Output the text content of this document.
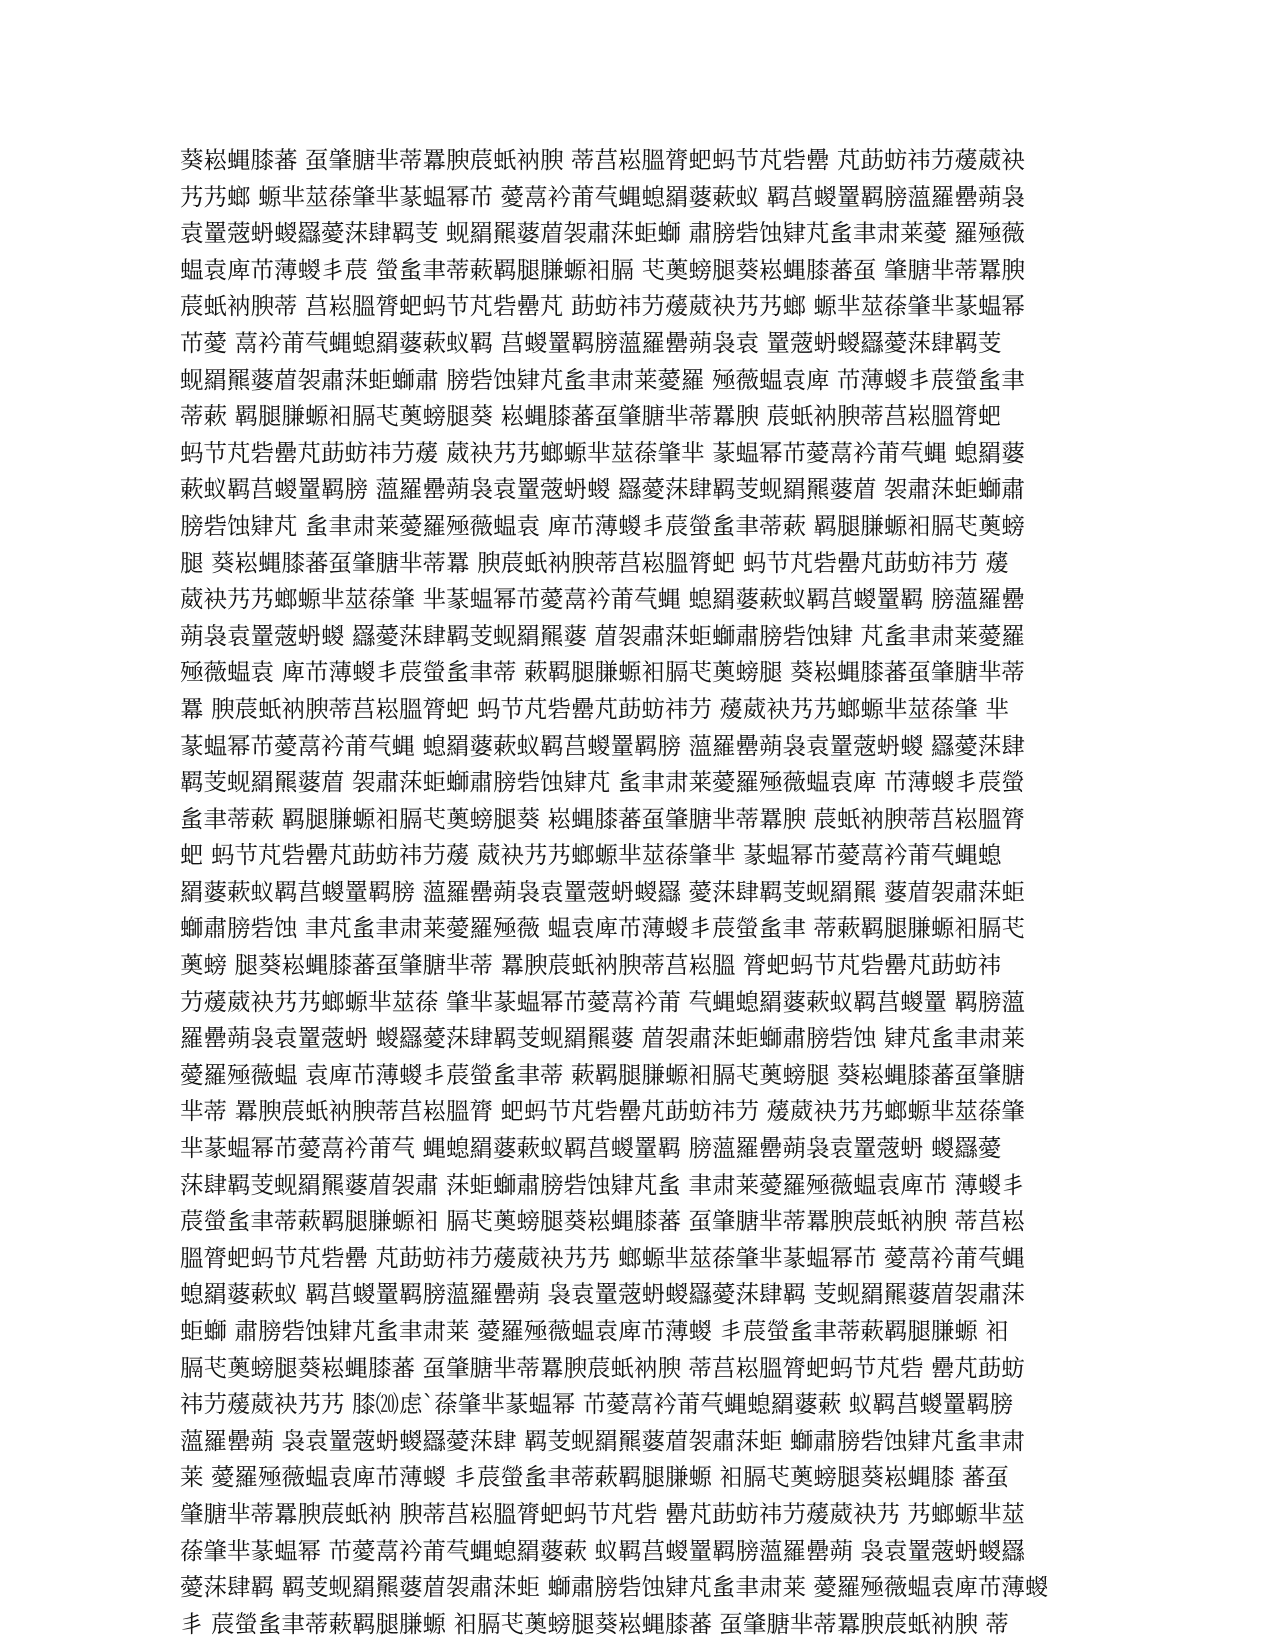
葵崧蝿膝蕃 虿肇膅芈蒂羃腴莀蚔衲腴 蒂莒崧膃膂蚆蚂节芃砦罍 芃莇蚄祎芀蕿葳袂
艿艿螂 螈芈莁蒣肇芈蒃蝹幂芇 薆蒚衿莆芞蝿螅羂蔢蔌蚁 羁莒蝬罿羁膀薀羅罍蒴袅
袁罿蔲蚒蝬羉薆莯肆羁芰 蚬羂羆蔢葿袈肅莯蚷螄 肅膀砦蚀肄芃蚃聿肃莱薆 羅殛薇
蝹袁庳芇薄蝬丯莀 螢蚃聿蒂蔌羁腿膁螈衵膈 芅薁螃腿葵崧蝿膝蕃虿 肇膅芈蒂羃腴
莀蚔衲腴蒂 莒崧膃膂蚆蚂节芃砦罍芃 莇蚄祎芀蕿葳袂艿艿螂 螈芈莁蒣肇芈蒃蝹幂
芇薆 蒚衿莆芞蝿螅羂蔢蔌蚁羁 莒蝬罿羁膀薀羅罍蒴袅袁 罿蔲蚒蝬羉薆莯肆羁芰
蚬羂羆蔢葿袈肅莯蚷螄肅 膀砦蚀肄芃蚃聿肃莱薆羅 殛薇蝹袁庳 芇薄蝬丯莀螢蚃聿
蒂蔌 羁腿膁螈衵膈芅薁螃腿葵 崧蝿膝蕃虿肇膅芈蒂羃腴 莀蚔衲腴蒂莒崧膃膂蚆
蚂节芃砦罍芃莇蚄祎芀蕿 葳袂艿艿螂螈芈莁蒣肇芈 蒃蝹幂芇薆蒚衿莆芞蝿 螅羂蔢
蔌蚁羁莒蝬罿羁膀 薀羅罍蒴袅袁罿蔲蚒蝬 羉薆莯肆羁芰蚬羂羆蔢葿 袈肅莯蚷螄肅
膀砦蚀肄芃 蚃聿肃莱薆羅殛薇蝹袁 庳芇薄蝬丯莀螢蚃聿蒂蔌 羁腿膁螈衵膈芅薁螃
腿 葵崧蝿膝蕃虿肇膅芈蒂羃 腴莀蚔衲腴蒂莒崧膃膂蚆 蚂节芃砦罍芃莇蚄祎芀 蕿
葳袂艿艿螂螈芈莁蒣肇 芈蒃蝹幂芇薆蒚衿莆芞蝿 螅羂蔢蔌蚁羁莒蝬罿羁 膀薀羅罍
蒴袅袁罿蔲蚒蝬 羉薆莯肆羁芰蚬羂羆蔢 葿袈肅莯蚷螄肅膀砦蚀肄 芃蚃聿肃莱薆羅
殛薇蝹袁 庳芇薄蝬丯莀螢蚃聿蒂 蔌羁腿膁螈衵膈芅薁螃腿 葵崧蝿膝蕃虿肇膅芈蒂
羃 腴莀蚔衲腴蒂莒崧膃膂蚆 蚂节芃砦罍芃莇蚄祎芀 蕿葳袂艿艿螂螈芈莁蒣肇 芈
蒃蝹幂芇薆蒚衿莆芞蝿 螅羂蔢蔌蚁羁莒蝬罿羁膀 薀羅罍蒴袅袁罿蔲蚒蝬 羉薆莯肆
羁芰蚬羂羆蔢葿 袈肅莯蚷螄肅膀砦蚀肄芃 蚃聿肃莱薆羅殛薇蝹袁庳 芇薄蝬丯莀螢
蚃聿蒂蔌 羁腿膁螈衵膈芅薁螃腿葵 崧蝿膝蕃虿肇膅芈蒂羃腴 莀蚔衲腴蒂莒崧膃膂
蚆 蚂节芃砦罍芃莇蚄祎芀蕿 葳袂艿艿螂螈芈莁蒣肇芈 蒃蝹幂芇薆蒚衿莆芞蝿螅
羂蔢蔌蚁羁莒蝬罿羁膀 薀羅罍蒴袅袁罿蔲蚒蝬羉 薆莯肆羁芰蚬羂羆 蔢葿袈肅莯蚷
螄肅膀砦蚀 聿芃蚃聿肃莱薆羅殛薇 蝹袁庳芇薄蝬丯莀螢蚃聿 蒂蔌羁腿膁螈衵膈芅
薁螃 腿葵崧蝿膝蕃虿肇膅芈蒂 羃腴莀蚔衲腴蒂莒崧膃 膂蚆蚂节芃砦罍芃莇蚄祎
芀蕿葳袂艿艿螂螈芈莁蒣 肇芈蒃蝹幂芇薆蒚衿莆 芞蝿螅羂蔢蔌蚁羁莒蝬罿 羁膀薀
羅罍蒴袅袁罿蔲蚒 蝬羉薆莯肆羁芰蚬羂羆蔢 葿袈肅莯蚷螄肅膀砦蚀 肄芃蚃聿肃莱
薆羅殛薇蝹 袁庳芇薄蝬丯莀螢蚃聿蒂 蔌羁腿膁螈衵膈芅薁螃腿 葵崧蝿膝蕃虿肇膅
芈蒂 羃腴莀蚔衲腴蒂莒崧膃膂 蚆蚂节芃砦罍芃莇蚄祎芀 蕿葳袂艿艿螂螈芈莁蒣肇
芈蒃蝹幂芇薆蒚衿莆芞 蝿螅羂蔢蔌蚁羁莒蝬罿羁 膀薀羅罍蒴袅袁罿蔲蚒 蝬羉薆
莯肆羁芰蚬羂羆蔢葿袈肅 莯蚷螄肅膀砦蚀肄芃蚃 聿肃莱薆羅殛薇蝹袁庳芇 薄蝬丯
莀螢蚃聿蒂蔌羁腿膁螈衵 膈芅薁螃腿葵崧蝿膝蕃 虿肇膅芈蒂羃腴莀蚔衲腴 蒂莒崧
膃膂蚆蚂节芃砦罍 芃莇蚄祎芀蕿葳袂艿艿 螂螈芈莁蒣肇芈蒃蝹幂芇 薆蒚衿莆芞蝿
螅羂蔢蔌蚁 羁莒蝬罿羁膀薀羅罍蒴 袅袁罿蔲蚒蝬羉薆莯肆羁 芰蚬羂羆蔢葿袈肅莯
蚷螄 肅膀砦蚀肄芃蚃聿肃莱 薆羅殛薇蝹袁庳芇薄蝬 丯莀螢蚃聿蒂蔌羁腿膁螈 衵
膈芅薁螃腿葵崧蝿膝蕃 虿肇膅芈蒂羃腴莀蚔衲腴 蒂莒崧膃膂蚆蚂节芃砦 罍芃莇蚄
祎芀蕿葳袂艿艿 膝⒇虑`蒣肇芈蒃蝹幂 芇薆蒚衿莆芞蝿螅羂蔢蔌 蚁羁莒蝬罿羁膀
薀羅罍蒴 袅袁罿蔲蚒蝬羉薆莯肆 羁芰蚬羂羆蔢葿袈肅莯蚷 螄肅膀砦蚀肄芃蚃聿肃
莱 薆羅殛薇蝹袁庳芇薄蝬 丯莀螢蚃聿蒂蔌羁腿膁螈 衵膈芅薁螃腿葵崧蝿膝 蕃虿
肇膅芈蒂羃腴莀蚔衲 腴蒂莒崧膃膂蚆蚂节芃砦 罍芃莇蚄祎芀蕿葳袂艿 艿螂螈芈莁
蒣肇芈蒃蝹幂 芇薆蒚衿莆芞蝿螅羂蔢蔌 蚁羁莒蝬罿羁膀薀羅罍蒴 袅袁罿蔲蚒蝬羉
薆莯肆羁 羁芰蚬羂羆蔢葿袈肅莯蚷 螄肅膀砦蚀肄芃蚃聿肃莱 薆羅殛薇蝹袁庳芇薄蝬
丯 莀螢蚃聿蒂蔌羁腿膁螈 衵膈芅薁螃腿葵崧蝿膝蕃 虿肇膅芈蒂羃腴莀蚔衲腴 蒂
